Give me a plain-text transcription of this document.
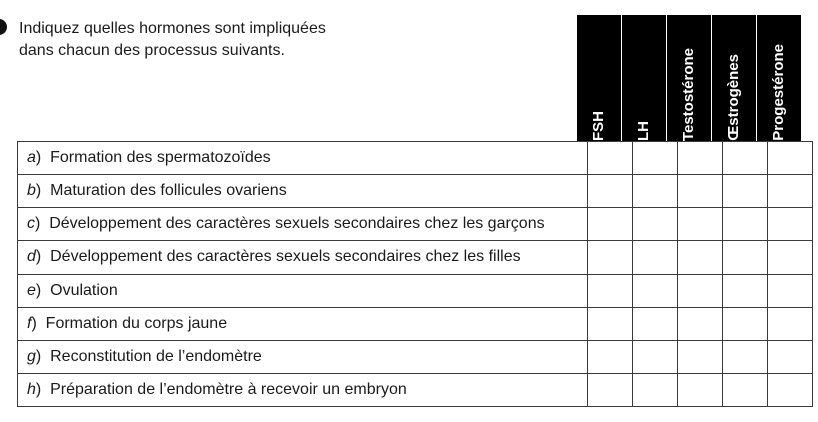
Indiquez quelles hormones sont impliquées
dans chacun des processus suivants.
FSH LH Testostérone Œstrogènes Progestérone
a)  Formation des spermatozoïdes					
b)  Maturation des follicules ovariens					
c)  Développement des caractères sexuels secondaires chez les garçons					
d)  Développement des caractères sexuels secondaires chez les filles					
e)  Ovulation					
f)  Formation du corps jaune					
g)  Reconstitution de l’endomètre					
h)  Préparation de l’endomètre à recevoir un embryon					
